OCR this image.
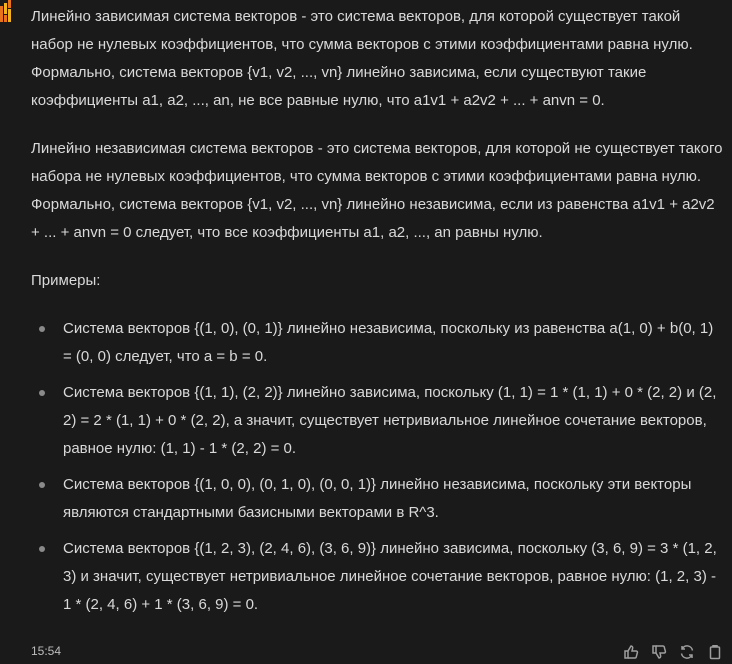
Линейно зависимая система векторов - это система векторов, для которой существует такой набор не нулевых коэффициентов, что сумма векторов с этими коэффициентами равна нулю. Формально, система векторов {v1, v2, ..., vn} линейно зависима, если существуют такие коэффициенты a1, a2, ..., an, не все равные нулю, что a1v1 + a2v2 + ... + anvn = 0.

Линейно независимая система векторов - это система векторов, для которой не существует такого набора не нулевых коэффициентов, что сумма векторов с этими коэффициентами равна нулю. Формально, система векторов {v1, v2, ..., vn} линейно независима, если из равенства a1v1 + a2v2 + ... + anvn = 0 следует, что все коэффициенты a1, a2, ..., an равны нулю.

Примеры:

Система векторов {(1, 0), (0, 1)} линейно независима, поскольку из равенства a(1, 0) + b(0, 1) = (0, 0) следует, что a = b = 0.
Система векторов {(1, 1), (2, 2)} линейно зависима, поскольку (1, 1) = 1 * (1, 1) + 0 * (2, 2) и (2, 2) = 2 * (1, 1) + 0 * (2, 2), а значит, существует нетривиальное линейное сочетание векторов, равное нулю: (1, 1) - 1 * (2, 2) = 0.
Система векторов {(1, 0, 0), (0, 1, 0), (0, 0, 1)} линейно независима, поскольку эти векторы являются стандартными базисными векторами в R^3.
Система векторов {(1, 2, 3), (2, 4, 6), (3, 6, 9)} линейно зависима, поскольку (3, 6, 9) = 3 * (1, 2, 3) и значит, существует нетривиальное линейное сочетание векторов, равное нулю: (1, 2, 3) - 1 * (2, 4, 6) + 1 * (3, 6, 9) = 0.
15:54
